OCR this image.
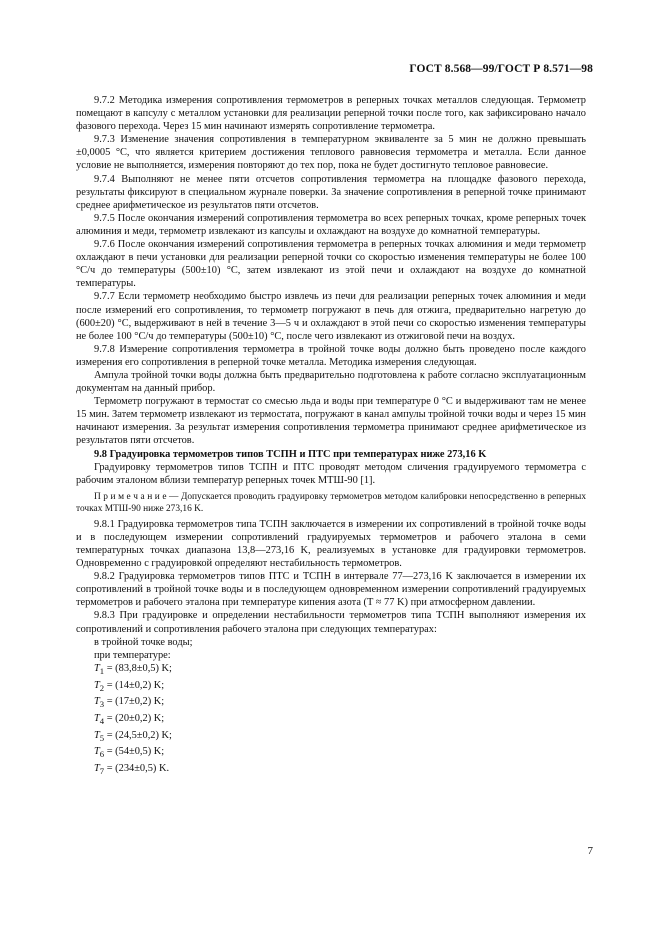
ГОСТ 8.568—99/ГОСТ Р 8.571—98

9.7.2 Методика измерения сопротивления термометров в реперных точках металлов следующая. Термометр помещают в капсулу с металлом установки для реализации реперной точки после того, как зафиксировано начало фазового перехода. Через 15 мин начинают измерять сопротивление термометра.

9.7.3 Изменение значения сопротивления в температурном эквиваленте за 5 мин не должно превышать ±0,0005 °С, что является критерием достижения теплового равновесия термометра и металла. Если данное условие не выполняется, измерения повторяют до тех пор, пока не будет достигнуто тепловое равновесие.

9.7.4 Выполняют не менее пяти отсчетов сопротивления термометра на площадке фазового перехода, результаты фиксируют в специальном журнале поверки. За значение сопротивления в реперной точке принимают среднее арифметическое из результатов пяти отсчетов.

9.7.5 После окончания измерений сопротивления термометра во всех реперных точках, кроме реперных точек алюминия и меди, термометр извлекают из капсулы и охлаждают на воздухе до комнатной температуры.

9.7.6 После окончания измерений сопротивления термометра в реперных точках алюминия и меди термометр охлаждают в печи установки для реализации реперной точки со скоростью изменения температуры не более 100 °С/ч до температуры (500±10) °С, затем извлекают из этой печи и охлаждают на воздухе до комнатной температуры.

9.7.7 Если термометр необходимо быстро извлечь из печи для реализации реперных точек алюминия и меди после измерений его сопротивления, то термометр погружают в печь для отжига, предварительно нагретую до (600±20) °С, выдерживают в ней в течение 3—5 ч и охлаждают в этой печи со скоростью изменения температуры не более 100 °С/ч до температуры (500±10) °С, после чего извлекают из отжиговой печи на воздух.

9.7.8 Измерение сопротивления термометра в тройной точке воды должно быть проведено после каждого измерения его сопротивления в реперной точке металла. Методика измерения следующая.

Ампула тройной точки воды должна быть предварительно подготовлена к работе согласно эксплуатационным документам на данный прибор.

Термометр погружают в термостат со смесью льда и воды при температуре 0 °С и выдерживают там не менее 15 мин. Затем термометр извлекают из термостата, погружают в канал ампулы тройной точки воды и через 15 мин начинают измерения. За результат измерения сопротивления термометра принимают среднее арифметическое из результатов пяти отсчетов.

9.8 Градуировка термометров типов ТСПН и ПТС при температурах ниже 273,16 K

Градуировку термометров типов ТСПН и ПТС проводят методом сличения градуируемого термометра с рабочим эталоном вблизи температур реперных точек МТШ-90 [1].

П р и м е ч а н и е — Допускается проводить градуировку термометров методом калибровки непосредственно в реперных точках МТШ-90 ниже 273,16 K.

9.8.1 Градуировка термометров типа ТСПН заключается в измерении их сопротивлений в тройной точке воды и в последующем измерении сопротивлений градуируемых термометров и рабочего эталона в семи температурных точках диапазона 13,8—273,16 K, реализуемых в установке для градуировки термометров. Одновременно с градуировкой определяют нестабильность термометров.

9.8.2 Градуировка термометров типов ПТС и ТСПН в интервале 77—273,16 K заключается в измерении их сопротивлений в тройной точке воды и в последующем одновременном измерении сопротивлений градуируемых термометров и рабочего эталона при температуре кипения азота (T ≈ 77 K) при атмосферном давлении.

9.8.3 При градуировке и определении нестабильности термометров типа ТСПН выполняют измерения их сопротивлений и сопротивления рабочего эталона при следующих температурах:

в тройной точке воды;

при температуре:

$T_1 = (83,8\pm 0,5)$ K;
$T_2 = (14\pm 0,2)$ K;
$T_3 = (17\pm 0,2)$ K;
$T_4 = (20\pm 0,2)$ K;
$T_5 = (24,5\pm 0,2)$ K;
$T_6 = (54\pm 0,5)$ K;
$T_7 = (234\pm 0,5)$ K.
7
